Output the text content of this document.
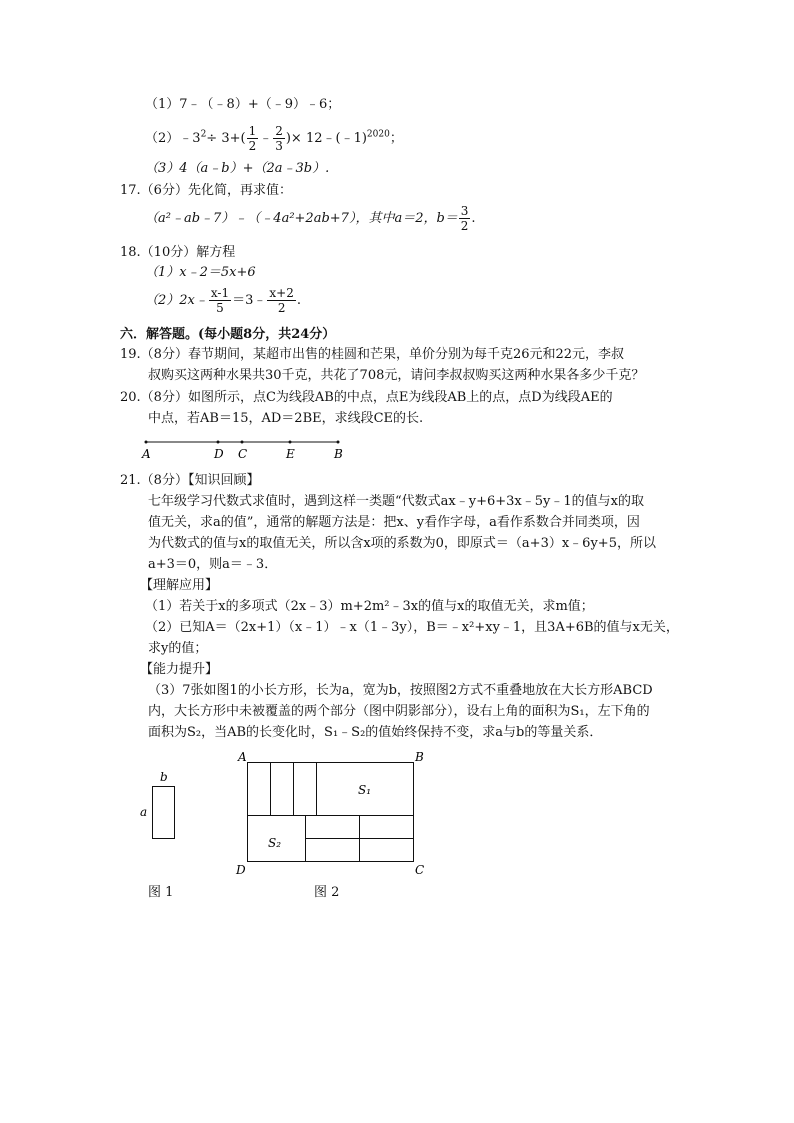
（1）7﹣（﹣8）+（﹣9）﹣6；
$(2)﹣3^2\div 3+( \frac{1}{2}$ ﹣ $\frac{2}{3}$ )× 12﹣(﹣1)$^{2020}$；
（3）4（a﹣b）+（2a﹣3b）.
17.（6分）先化简，再求值：
（a²﹣ab﹣7）﹣（﹣4a²+2ab+7），其中a＝2，$b= \frac{3}{2}$ .
18.（10分）解方程
（1）x﹣2＝5x+6
（2）2x﹣ $\frac{x-1}{5}$ ＝3﹣ $\frac{x+2}{2}$ .
六．解答题。(每小题8分，共24分）
19.（8分）春节期间，某超市出售的桂圆和芒果，单价分别为每千克26元和22元，李叔
叔购买这两种水果共30千克，共花了708元，请问李叔叔购买这两种水果各多少千克？
20.（8分）如图所示，点C为线段AB的中点，点E为线段AB上的点，点D为线段AE的
中点，若AB＝15，AD＝2BE，求线段CE的长.
A	D C	E	B
21.（8分）【知识回顾】
七年级学习代数式求值时，遇到这样一类题“代数式ax﹣y+6+3x﹣5y﹣1的值与x的取
值无关，求a的值”，通常的解题方法是：把x、y看作字母，a看作系数合并同类项，因
为代数式的值与x的取值无关，所以含x项的系数为0，即原式＝（a+3）x﹣6y+5，所以
a+3＝0，则a＝﹣3．
【理解应用】
（1）若关于x的多项式（2x﹣3）m+2m²﹣3x的值与x的取值无关，求m值；
（2）已知A＝（2x+1）（x﹣1）﹣x（1﹣3y），B＝﹣x²+xy﹣1，且3A+6B的值与x无关，
求y的值；
【能力提升】
（3）7张如图1的小长方形，长为a，宽为b，按照图2方式不重叠地放在大长方形ABCD
内，大长方形中未被覆盖的两个部分（图中阴影部分），设右上角的面积为S₁，左下角的
面积为S₂，当AB的长变化时，S₁﹣S₂的值始终保持不变，求a与b的等量关系．
b
a
图 1
A	B
C
D
S₁
S₂
图 2
